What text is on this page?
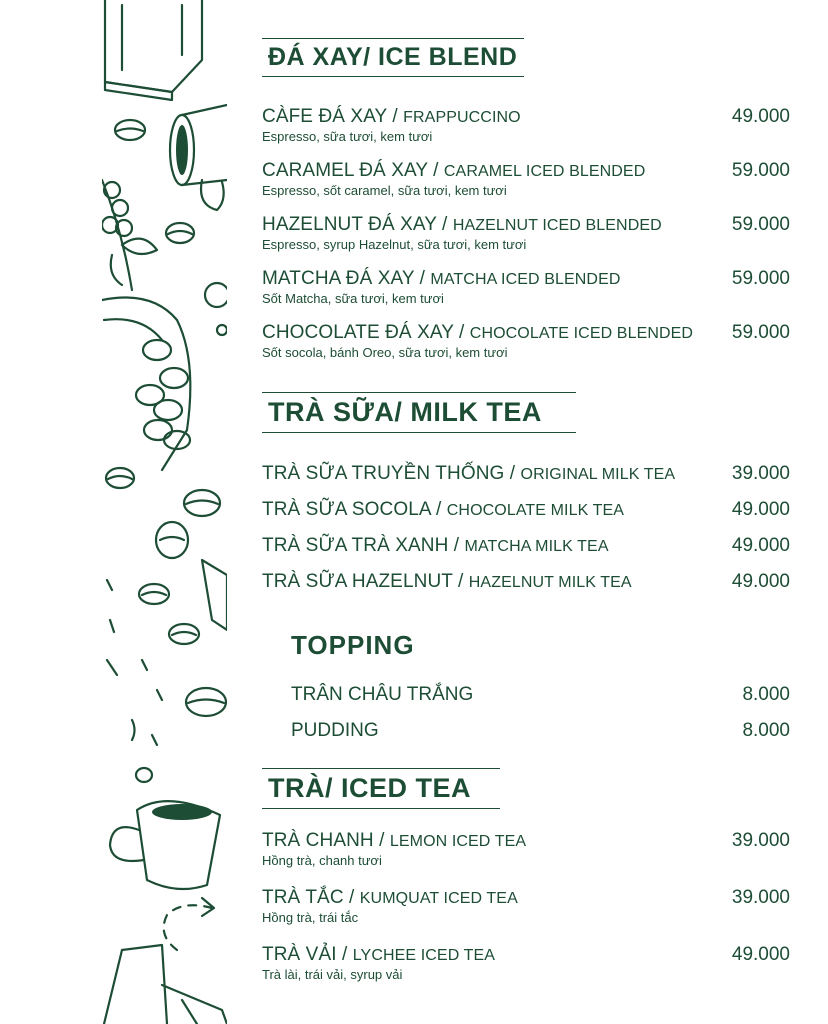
ĐÁ XAY/ ICE BLEND
CÀFE ĐÁ XAY / FRAPPUCCINO
Espresso, sữa tươi, kem tươi
49.000
CARAMEL ĐÁ XAY / CARAMEL ICED BLENDED
Espresso, sốt caramel, sữa tươi, kem tươi
59.000
HAZELNUT ĐÁ XAY / HAZELNUT ICED BLENDED
Espresso, syrup Hazelnut, sữa tươi, kem tươi
59.000
MATCHA ĐÁ XAY / MATCHA ICED BLENDED
Sốt Matcha, sữa tươi, kem tươi
59.000
CHOCOLATE ĐÁ XAY / CHOCOLATE ICED BLENDED
Sốt socola, bánh Oreo, sữa tươi, kem tươi
59.000
TRÀ SỮA/ MILK TEA
TRÀ SỮA TRUYỀN THỐNG / ORIGINAL MILK TEA	39.000
TRÀ SỮA SOCOLA / CHOCOLATE MILK TEA	49.000
TRÀ SỮA TRÀ XANH / MATCHA MILK TEA	49.000
TRÀ SỮA HAZELNUT / HAZELNUT MILK TEA	49.000
TOPPING
TRÂN CHÂU TRẮNG	8.000
PUDDING	8.000
TRÀ/ ICED TEA
TRÀ CHANH / LEMON ICED TEA
Hồng trà, chanh tươi
39.000
TRÀ TẮC / KUMQUAT ICED TEA
Hồng trà, trái tắc
39.000
TRÀ VẢI / LYCHEE ICED TEA
Trà lài, trái vải, syrup vải
49.000
